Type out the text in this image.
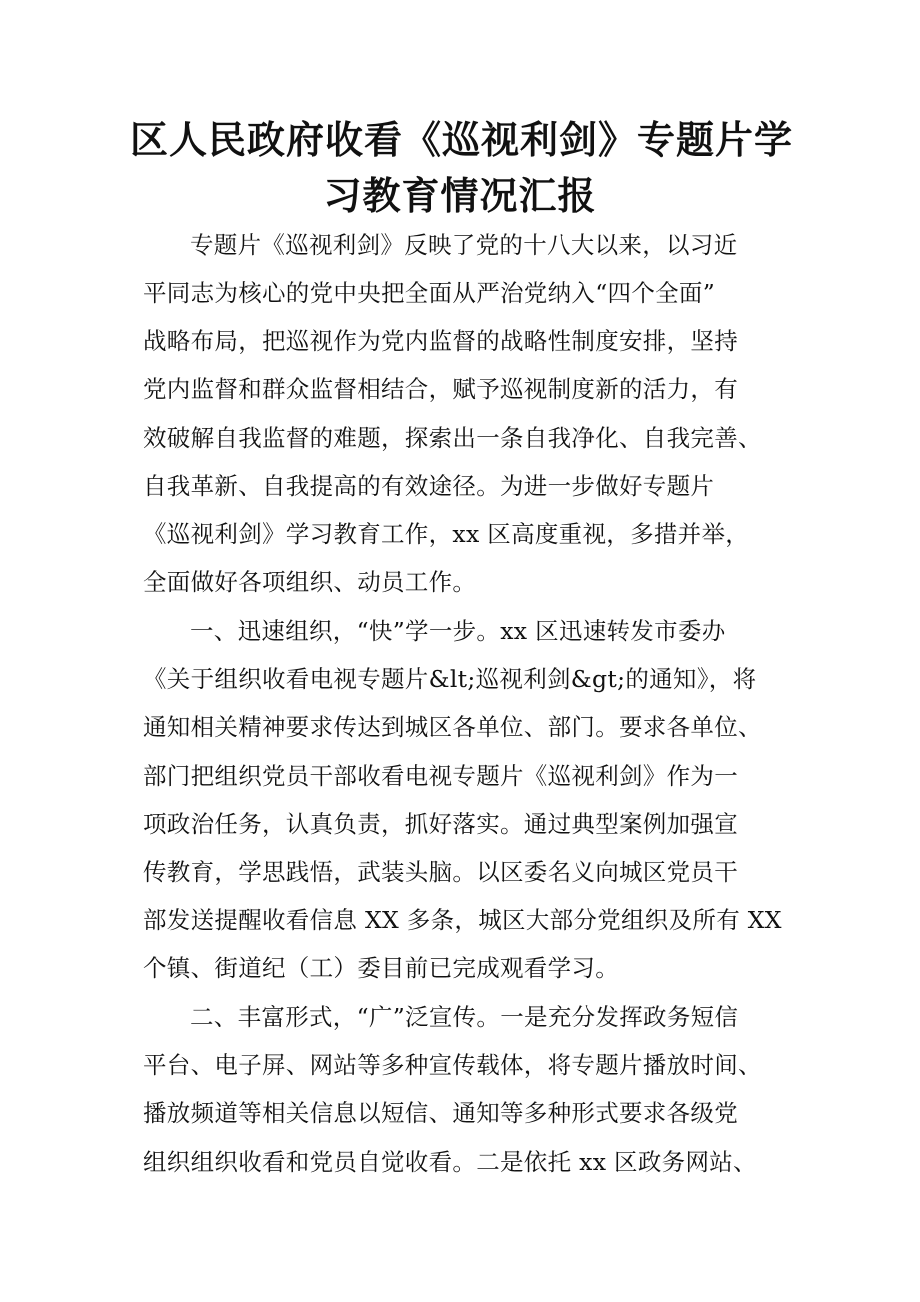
区人民政府收看《巡视利剑》专题片学
习教育情况汇报
专题片《巡视利剑》反映了党的十八大以来，以习近
平同志为核心的党中央把全面从严治党纳入“四个全面”
战略布局，把巡视作为党内监督的战略性制度安排，坚持
党内监督和群众监督相结合，赋予巡视制度新的活力，有
效破解自我监督的难题，探索出一条自我净化、自我完善、
自我革新、自我提高的有效途径。为进一步做好专题片
《巡视利剑》学习教育工作，xx 区高度重视，多措并举，
全面做好各项组织、动员工作。
一、迅速组织，“快”学一步。xx 区迅速转发市委办
《关于组织收看电视专题片&lt;巡视利剑&gt;的通知》，将
通知相关精神要求传达到城区各单位、部门。要求各单位、
部门把组织党员干部收看电视专题片《巡视利剑》作为一
项政治任务，认真负责，抓好落实。通过典型案例加强宣
传教育，学思践悟，武装头脑。以区委名义向城区党员干
部发送提醒收看信息 XX 多条，城区大部分党组织及所有 XX
个镇、街道纪（工）委目前已完成观看学习。
二、丰富形式，“广”泛宣传。一是充分发挥政务短信
平台、电子屏、网站等多种宣传载体，将专题片播放时间、
播放频道等相关信息以短信、通知等多种形式要求各级党
组织组织收看和党员自觉收看。二是依托 xx 区政务网站、
